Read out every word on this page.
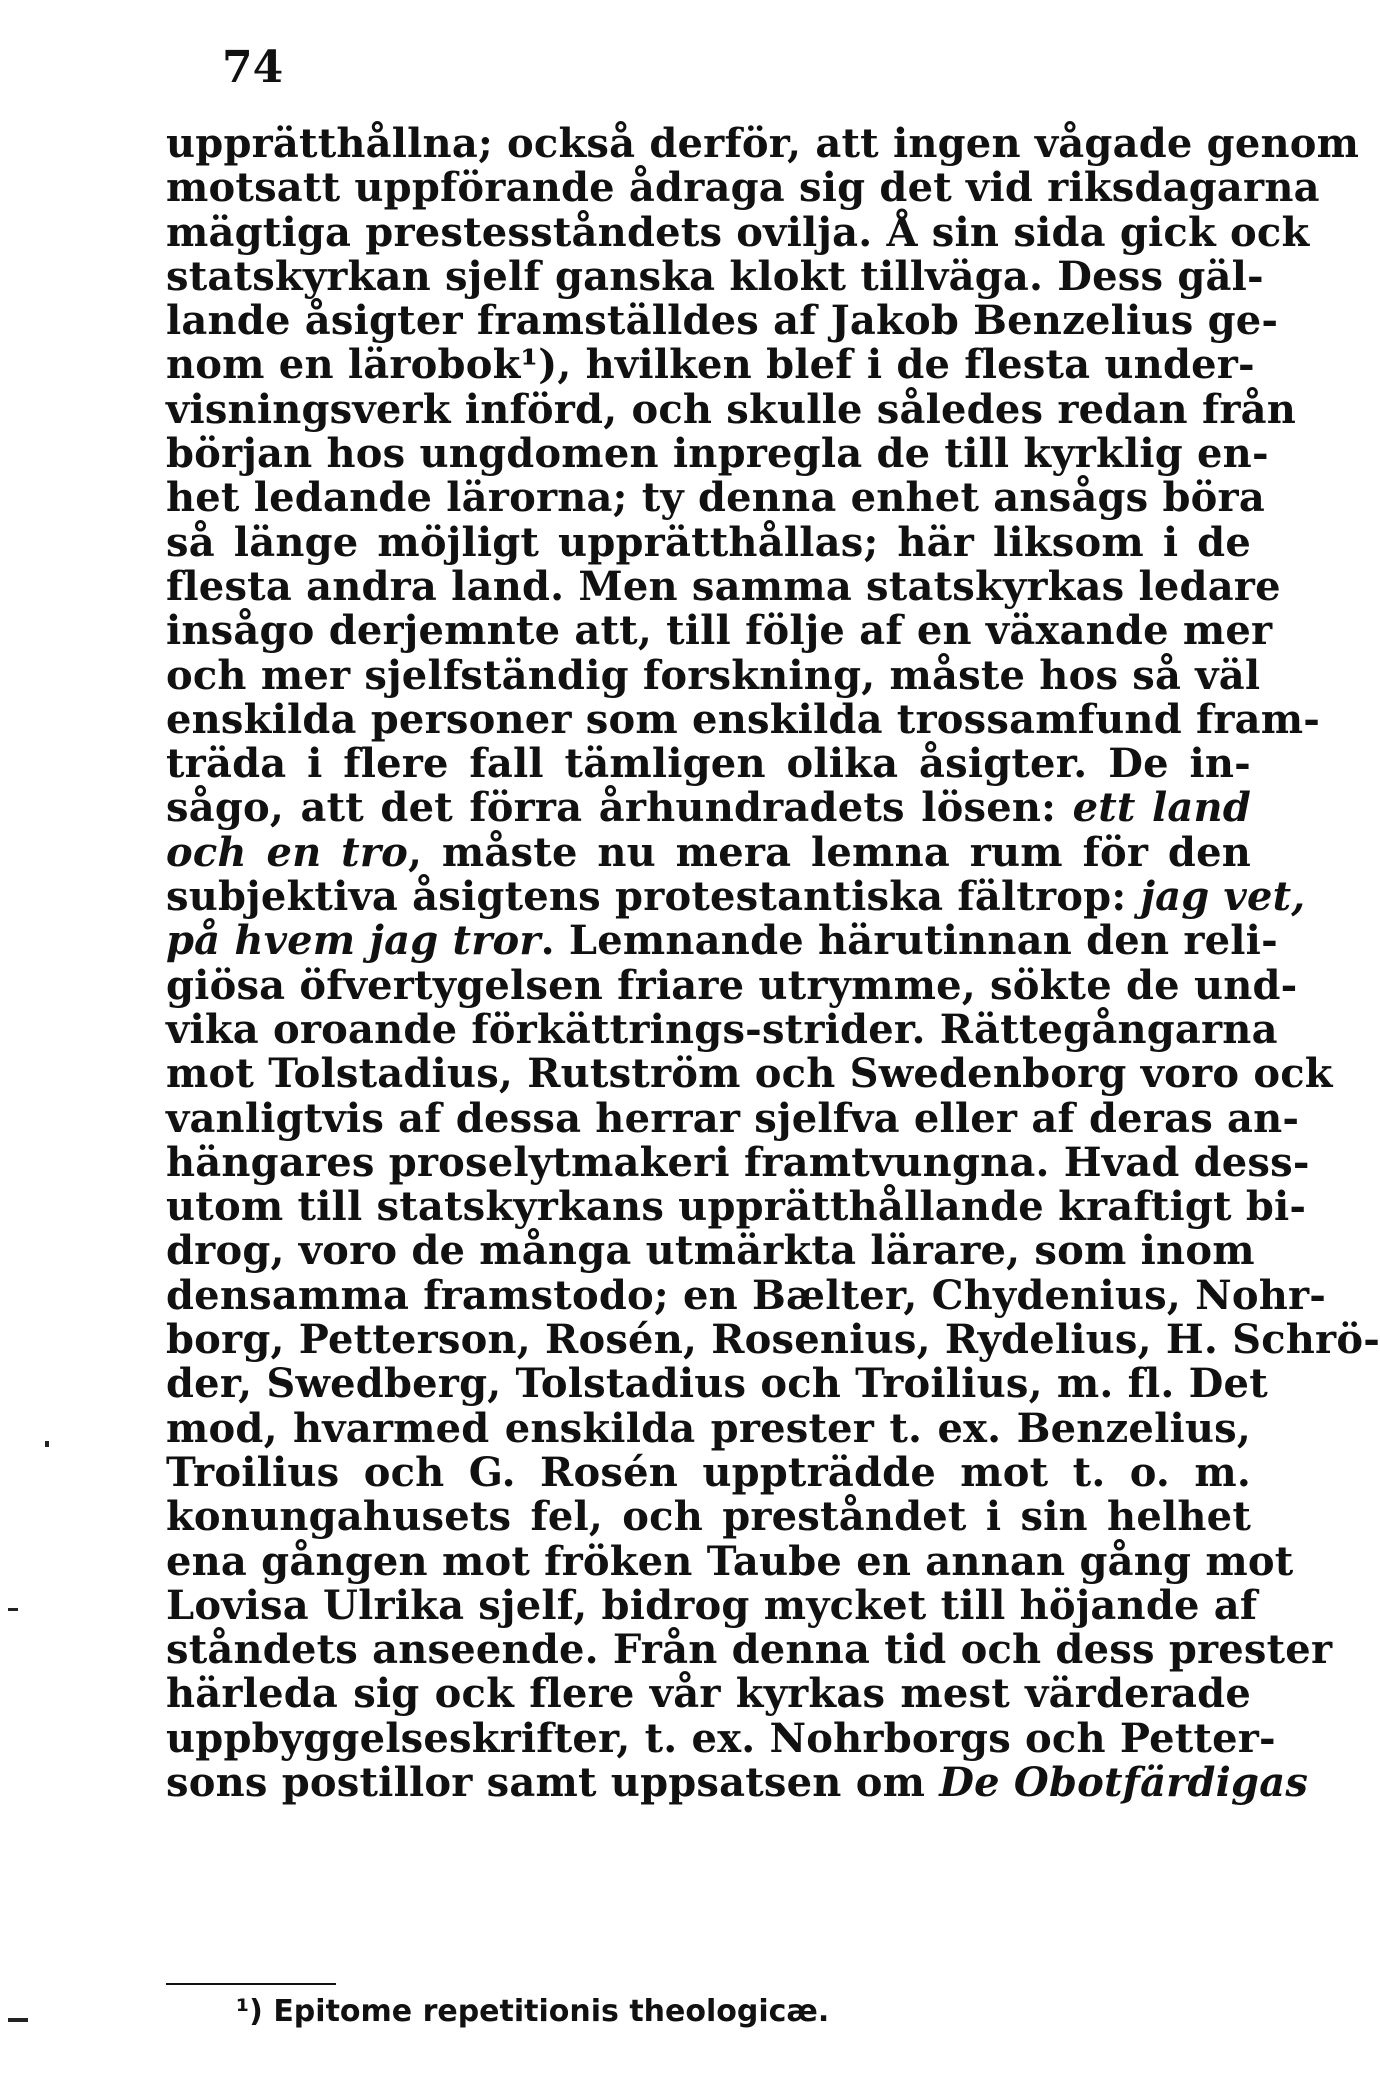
74
upprätthållna; också derför, att ingen vågade genom
motsatt uppförande ådraga sig det vid riksdagarna
mägtiga prestesståndets ovilja. Å sin sida gick ock
statskyrkan sjelf ganska klokt tillväga. Dess gäl-
lande åsigter framställdes af Jakob Benzelius ge-
nom en lärobok¹), hvilken blef i de flesta under-
visningsverk införd, och skulle således redan från
början hos ungdomen inpregla de till kyrklig en-
het ledande lärorna; ty denna enhet ansågs böra
så länge möjligt upprätthållas; här liksom i de
flesta andra land. Men samma statskyrkas ledare
insågo derjemnte att, till följe af en växande mer
och mer sjelfständig forskning, måste hos så väl
enskilda personer som enskilda trossamfund fram-
träda i flere fall tämligen olika åsigter. De in-
sågo, att det förra århundradets lösen: ett land
och en tro, måste nu mera lemna rum för den
subjektiva åsigtens protestantiska fältrop: jag vet,
på hvem jag tror. Lemnande härutinnan den reli-
giösa öfvertygelsen friare utrymme, sökte de und-
vika oroande förkättrings-strider. Rättegångarna
mot Tolstadius, Rutström och Swedenborg voro ock
vanligtvis af dessa herrar sjelfva eller af deras an-
hängares proselytmakeri framtvungna. Hvad dess-
utom till statskyrkans upprätthållande kraftigt bi-
drog, voro de många utmärkta lärare, som inom
densamma framstodo; en Bælter, Chydenius, Nohr-
borg, Petterson, Rosén, Rosenius, Rydelius, H. Schrö-
der, Swedberg, Tolstadius och Troilius, m. fl. Det
mod, hvarmed enskilda prester t. ex. Benzelius,
Troilius och G. Rosén uppträdde mot t. o. m.
konungahusets fel, och preståndet i sin helhet
ena gången mot fröken Taube en annan gång mot
Lovisa Ulrika sjelf, bidrog mycket till höjande af
ståndets anseende. Från denna tid och dess prester
härleda sig ock flere vår kyrkas mest värderade
uppbyggelseskrifter, t. ex. Nohrborgs och Petter-
sons postillor samt uppsatsen om De Obotfärdigas
¹) Epitome repetitionis theologicæ.
